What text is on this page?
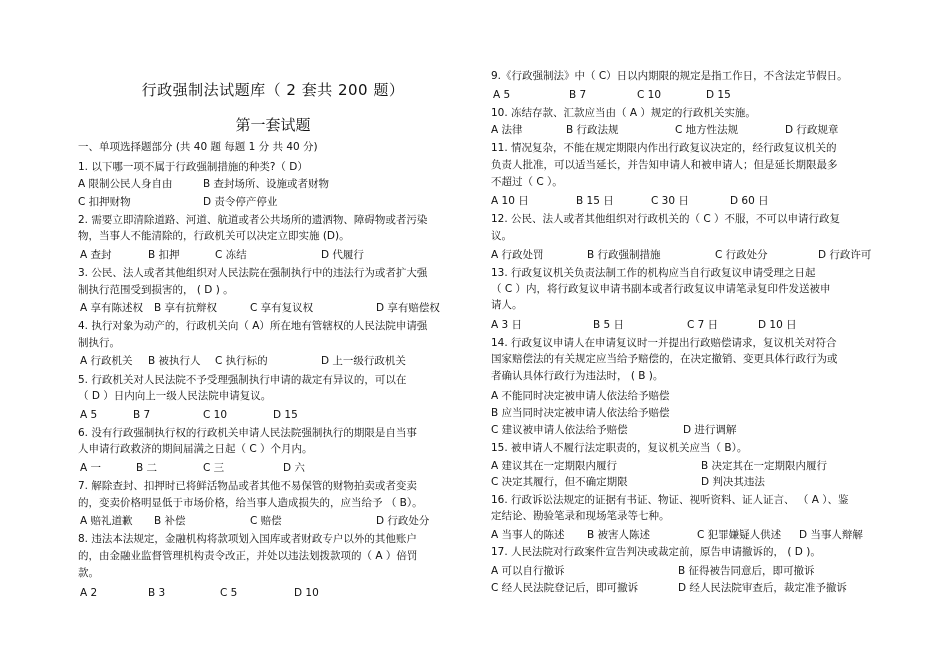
行政强制法试题库（ 2 套共 200 题）
第一套试题
一、单项选择题部分 (共 40 题 每题 1 分 共 40 分)
1. 以下哪一项不属于行政强制措施的种类?（ D）
A 限制公民人身自由	B 查封场所、设施或者财物
C 扣押财物	D 责令停产停业
2. 需要立即清除道路、河道、航道或者公共场所的遗洒物、障碍物或者污染
物，当事人不能清除的，行政机关可以决定立即实施 (D)。
A 查封	B 扣押	C 冻结	D 代履行
3. 公民、法人或者其他组织对人民法院在强制执行中的违法行为或者扩大强
制执行范围受到损害的， ( D ) 。
A 享有陈述权 B 享有抗辩权	C 享有复议权	D 享有赔偿权
4. 执行对象为动产的，行政机关向（ A）所在地有管辖权的人民法院申请强
制执行。
A 行政机关 B 被执行人 C 执行标的	D 上一级行政机关
5. 行政机关对人民法院不予受理强制执行申请的裁定有异议的，可以在
（ D ）日内向上一级人民法院申请复议。
A 5	B 7	C 10	D 15
6. 没有行政强制执行权的行政机关申请人民法院强制执行的期限是自当事
人申请行政救济的期间届满之日起（ C ）个月内。
A 一	B 二	C 三	D 六
7. 解除查封、扣押时已将鲜活物品或者其他不易保管的财物拍卖或者变卖
的，变卖价格明显低于市场价格，给当事人造成损失的，应当给予 （ B）。
A 赔礼道歉 B 补偿	C 赔偿	D 行政处分
8. 违法本法规定，金融机构将款项划入国库或者财政专户以外的其他账户
的，由金融业监督管理机构责令改正，并处以违法划拨款项的（ A ）倍罚
款。
A 2	B 3	C 5	D 10
9.《行政强制法》中（ C）日以内期限的规定是指工作日，不含法定节假日。
A 5	B 7	C 10	D 15
10. 冻结存款、汇款应当由（ A ）规定的行政机关实施。
A 法律	B 行政法规	C 地方性法规	D 行政规章
11. 情况复杂，不能在规定期限内作出行政复议决定的，经行政复议机关的
负责人批准，可以适当延长，并告知申请人和被申请人；但是延长期限最多
不超过（ C ）。
A 10 日	B 15 日	C 30 日	D 60 日
12. 公民、法人或者其他组织对行政机关的（ C ）不服，不可以申请行政复
议。
A 行政处罚	B 行政强制措施	C 行政处分	D 行政许可
13. 行政复议机关负责法制工作的机构应当自行政复议申请受理之日起
（ C ）内，将行政复议申请书副本或者行政复议申请笔录复印件发送被申
请人。
A 3 日	B 5 日	C 7 日	D 10 日
14. 行政复议申请人在申请复议时一并提出行政赔偿请求，复议机关对符合
国家赔偿法的有关规定应当给予赔偿的，在决定撤销、变更具体行政行为或
者确认具体行政行为违法时， ( B )。
A 不能同时决定被申请人依法给予赔偿
B 应当同时决定被申请人依法给予赔偿
C 建议被申请人依法给予赔偿	D 进行调解
15. 被申请人不履行法定职责的，复议机关应当（ B）。
A 建议其在一定期限内履行	B 决定其在一定期限内履行
C 决定其履行，但不确定期限	D 判决其违法
16. 行政诉讼法规定的证据有书证、物证、视听资料、证人证言、 （ A ）、鉴
定结论、勘验笔录和现场笔录等七种。
A 当事人的陈述 B 被害人陈述	C 犯罪嫌疑人供述 D 当事人辩解
17. 人民法院对行政案件宣告判决或裁定前，原告申请撤诉的， ( D )。
A 可以自行撤诉	B 征得被告同意后，即可撤诉
C 经人民法院登记后，即可撤诉	D 经人民法院审查后，裁定准予撤诉
